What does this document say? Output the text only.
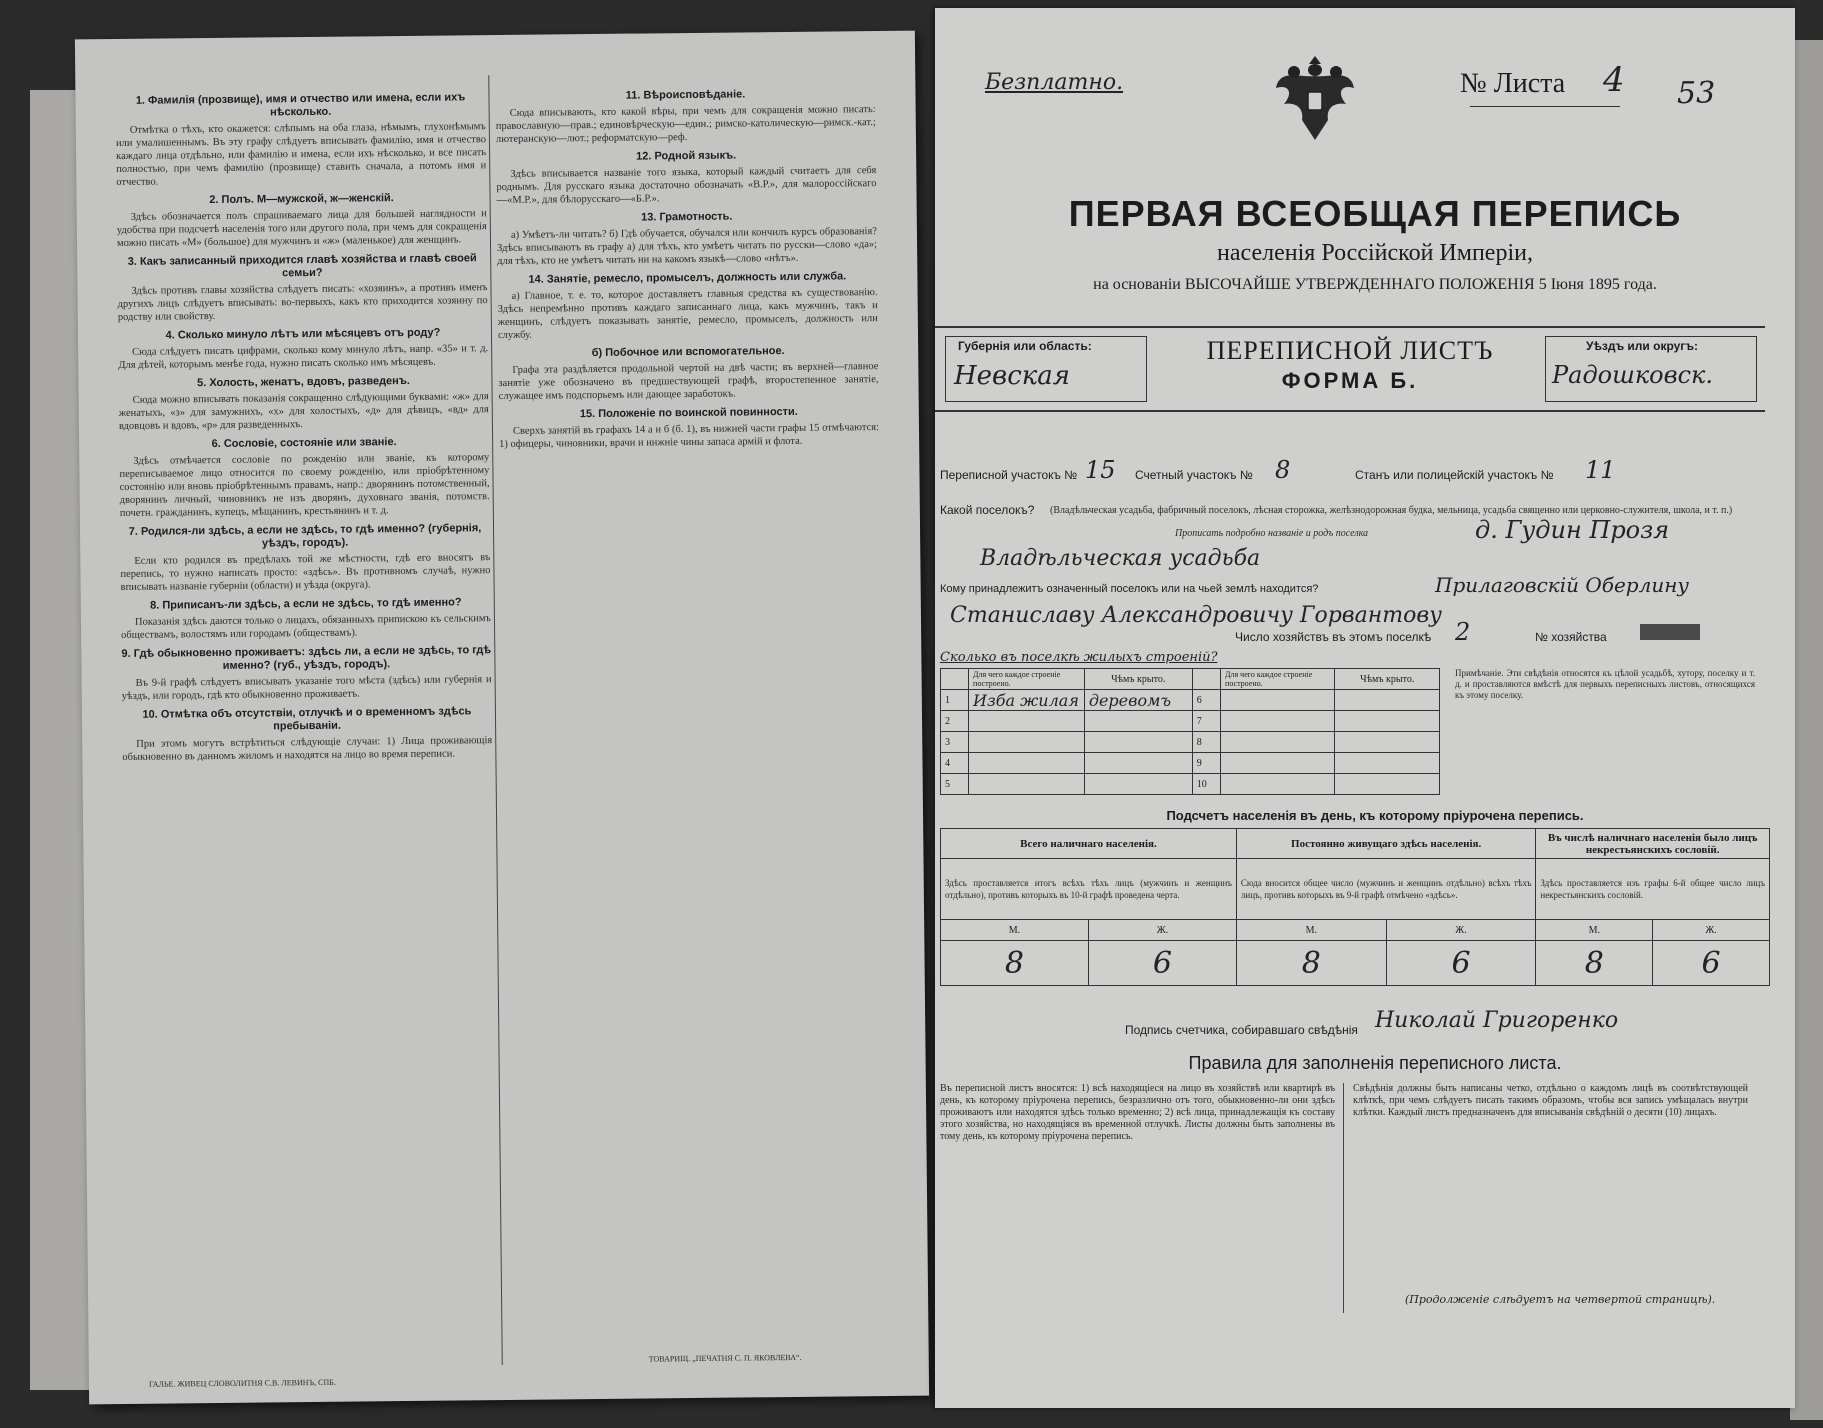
1. Фамилія (прозвище), имя и отчество или имена, если ихъ нѣсколько.

Отмѣтка о тѣхъ, кто окажется: слѣпымъ на оба глаза, нѣмымъ, глухонѣмымъ или умалишеннымъ. Въ эту графу слѣдуетъ вписывать фамилію, имя и отчество каждаго лица отдѣльно, или фамилію и имена, если ихъ нѣсколько, и все писать полностью, при чемъ фамилію (прозвище) ставить сначала, а потомъ имя и отчество.

2. Полъ. М—мужской, ж—женскій.

Здѣсь обозначается полъ спрашиваемаго лица для большей наглядности и удобства при подсчетѣ населенія того или другого пола, при чемъ для сокращенія можно писать «М» (большое) для мужчинъ и «ж» (маленькое) для женщинъ.

3. Какъ записанный приходится главѣ хозяйства и главѣ своей семьи?

Здѣсь противъ главы хозяйства слѣдуетъ писать: «хозяинъ», а противъ именъ другихъ лицъ слѣдуетъ вписывать: во-первыхъ, какъ кто приходится хозяину по родству или свойству.

4. Сколько минуло лѣтъ или мѣсяцевъ отъ роду?

Сюда слѣдуетъ писать цифрами, сколько кому минуло лѣтъ, напр. «35» и т. д. Для дѣтей, которымъ менѣе года, нужно писать сколько имъ мѣсяцевъ.

5. Холость, женатъ, вдовъ, разведенъ.

Сюда можно вписывать показанія сокращенно слѣдующими буквами: «ж» для женатыхъ, «з» для замужнихъ, «х» для холостыхъ, «д» для дѣвицъ, «вд» для вдовцовъ и вдовъ, «р» для разведенныхъ.

6. Сословіе, состояніе или званіе.

Здѣсь отмѣчается сословіе по рожденію или званіе, къ которому переписываемое лицо относится по своему рожденію, или пріобрѣтенному состоянію или вновь пріобрѣтеннымъ правамъ, напр.: дворянинъ потомственный, дворянинъ личный, чиновникъ не изъ дворянъ, духовнаго званія, потомств. почетн. гражданинъ, купецъ, мѣщанинъ, крестьянинъ и т. д.

7. Родился-ли здѣсь, а если не здѣсь, то гдѣ именно? (губернія, уѣздъ, городъ).

Если кто родился въ предѣлахъ той же мѣстности, гдѣ его вносятъ въ перепись, то нужно написать просто: «здѣсь». Въ противномъ случаѣ, нужно вписывать названіе губерніи (области) и уѣзда (округа).

8. Приписанъ-ли здѣсь, а если не здѣсь, то гдѣ именно?

Показанія здѣсь даются только о лицахъ, обязанныхъ припискою къ сельскимъ обществамъ, волостямъ или городамъ (обществамъ).

9. Гдѣ обыкновенно проживаетъ: здѣсь ли, а если не здѣсь, то гдѣ именно? (губ., уѣздъ, городъ).

Въ 9-й графѣ слѣдуетъ вписывать указаніе того мѣста (здѣсь) или губернія и уѣздъ, или городъ, гдѣ кто обыкновенно проживаетъ.

10. Отмѣтка объ отсутствіи, отлучкѣ и о временномъ здѣсь пребываніи.

При этомъ могутъ встрѣтиться слѣдующіе случаи: 1) Лица проживающія обыкновенно въ данномъ жиломъ и находятся на лицо во время переписи.

11. Вѣроисповѣданіе.

Сюда вписывають, кто какой вѣры, при чемъ для сокращенія можно писать: православную—прав.; единовѣрческую—един.; римско-католическую—римск.-кат.; лютеранскую—лют.; реформатскую—реф.

12. Родной языкъ.

Здѣсь вписывается названіе того языка, который каждый считаетъ для себя роднымъ. Для русскаго языка достаточно обозначать «В.Р.», для малороссійскаго—«М.Р.», для бѣлорусскаго—«Б.Р.».

13. Грамотность.

а) Умѣетъ-ли читать? б) Гдѣ обучается, обучался или кончилъ курсъ образованія? Здѣсь вписываютъ въ графу а) для тѣхъ, кто умѣетъ читать по русски—слово «да»; для тѣхъ, кто не умѣетъ читать ни на какомъ языкѣ—слово «нѣтъ».

14. Занятіе, ремесло, промыселъ, должность или служба.

а) Главное, т. е. то, которое доставляетъ главныя средства къ существованію. Здѣсь непремѣнно противъ каждаго записаннаго лица, какъ мужчинъ, такъ и женщинъ, слѣдуетъ показывать занятіе, ремесло, промыселъ, должность или службу.

б) Побочное или вспомогательное.

Графа эта раздѣляется продольной чертой на двѣ части; въ верхней—главное занятіе уже обозначено въ предшествующей графѣ, второстепенное занятіе, служащее имъ подспорьемъ или дающее заработокъ.

15. Положеніе по воинской повинности.

Сверхъ занятій въ графахъ 14 а и б (б. 1), въ нижней части графы 15 отмѣчаются: 1) офицеры, чиновники, врачи и нижніе чины запаса армій и флота.

ГАЛЬЕ. ЖИВЕЦ СЛОВОЛИТНЯ С.В. ЛЕВИНЪ, СПБ.
ТОВАРИЩ. „ПЕЧАТНЯ С. П. ЯКОВЛЕВА“.
Безплатно.	№ Листа 4 53
ПЕРВАЯ ВСЕОБЩАЯ ПЕРЕПИСЬ
населенія Россійской Имперіи,
на основаніи ВЫСОЧАЙШЕ УТВЕРЖДЕННАГО ПОЛОЖЕНІЯ 5 Іюня 1895 года.
Губернія или область:
Невская
ПЕРЕПИСНОЙ ЛИСТЪ
ФОРМА Б.
Уѣздъ или округъ:
Радошковск.
Переписной участокъ № 15 Счетный участокъ № 8	Станъ или полицейскій участокъ № 11
Какой поселокъ? (Владѣльческая усадьба, фабричный поселокъ, лѣсная сторожка, желѣзнодорожная будка, мельница, усадьба священно или церковно-служителя, школа, и т. п.)
Прописать подробно названіе и родъ поселка	д. Гудин Прозя
Владѣльческая усадьба
Кому принадлежитъ означенный поселокъ или на чьей землѣ находится?	Прилаговскій Оберлину
Станиславу Александровичу Горвантову
Число хозяйствъ въ этомъ поселкѣ 2	№ хозяйства
Сколько въ поселкѣ жилыхъ строеній?
	Для чего каждое строеніе построено.	Чѣмъ крыто.		Для чего каждое строеніе построено.	Чѣмъ крыто.
1	Изба жилая	деревомъ	6		
2			7		
3			8		
4			9		
5			10		
Примѣчаніе. Эти свѣдѣнія относятся къ цѣлой усадьбѣ, хутору, поселку и т. д. и проставляются вмѣстѣ для первыхъ переписныхъ листовъ, относящихся къ этому поселку.
Подсчетъ населенія въ день, къ которому пріурочена перепись.
Всего наличнаго населенія.		Постоянно живущаго здѣсь населенія.		Въ числѣ наличнаго населенія было лицъ некрестьянскихъ сословій.	
Здѣсь проставляется итогъ всѣхъ тѣхъ лицъ (мужчинъ и женщинъ отдѣльно), противъ которыхъ въ 10-й графѣ проведена черта.		Сюда вносится общее число (мужчинъ и женщинъ отдѣльно) всѣхъ тѣхъ лицъ, противъ которыхъ въ 9-й графѣ отмѣчено «здѣсь».		Здѣсь проставляется изъ графы 6-й общее число лицъ некрестьянскихъ сословій.	
М.	Ж.	М.	Ж.	М.	Ж.
8	6	8	6	8	6
Подпись счетчика, собиравшаго свѣдѣнія Николай Григоренко
Правила для заполненія переписного листа.
Въ переписной листъ вносятся: 1) всѣ находящіеся на лицо въ хозяйствѣ или квартирѣ въ день, къ которому пріурочена перепись, безразлично отъ того, обыкновенно-ли они здѣсь проживаютъ или находятся здѣсь только временно; 2) всѣ лица, принадлежащія къ составу этого хозяйства, но находящіяся въ временной отлучкѣ. Листы должны быть заполнены въ тому день, къ которому пріурочена перепись.
Свѣдѣнія должны быть написаны четко, отдѣльно о каждомъ лицѣ въ соотвѣтствующей клѣткѣ, при чемъ слѣдуетъ писать такимъ образомъ, чтобы вся запись умѣщалась внутри клѣтки. Каждый листъ предназначенъ для вписыванія свѣдѣній о десяти (10) лицахъ.
(Продолженіе слѣдуетъ на четвертой страницѣ).
